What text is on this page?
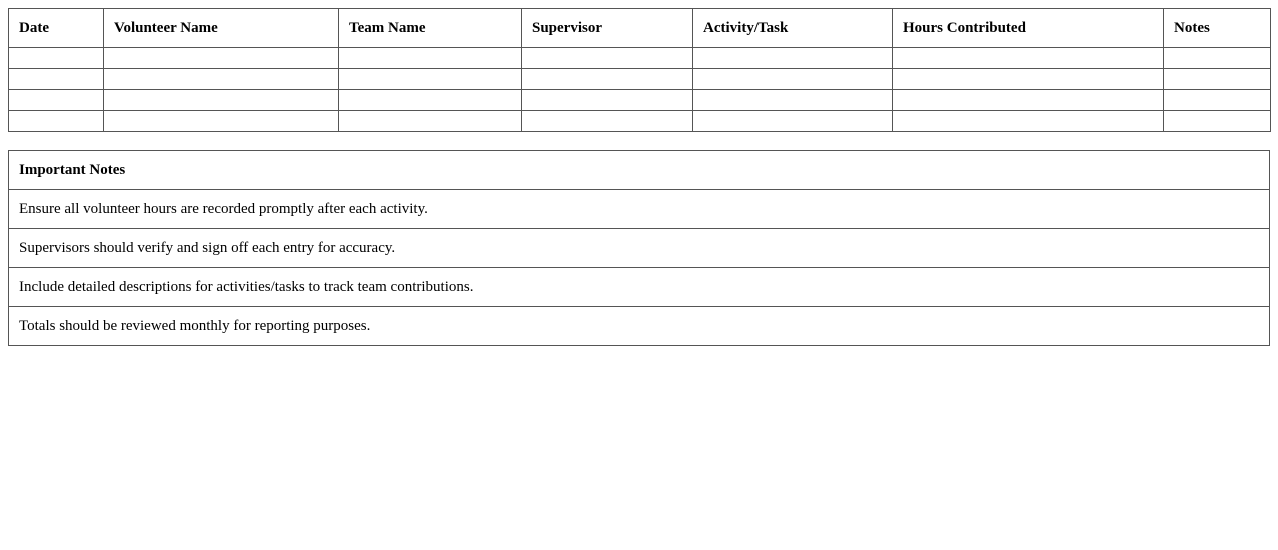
Date	Volunteer Name	Team Name	Supervisor	Activity/Task	Hours Contributed	Notes

Important Notes
Ensure all volunteer hours are recorded promptly after each activity.
Supervisors should verify and sign off each entry for accuracy.
Include detailed descriptions for activities/tasks to track team contributions.
Totals should be reviewed monthly for reporting purposes.
